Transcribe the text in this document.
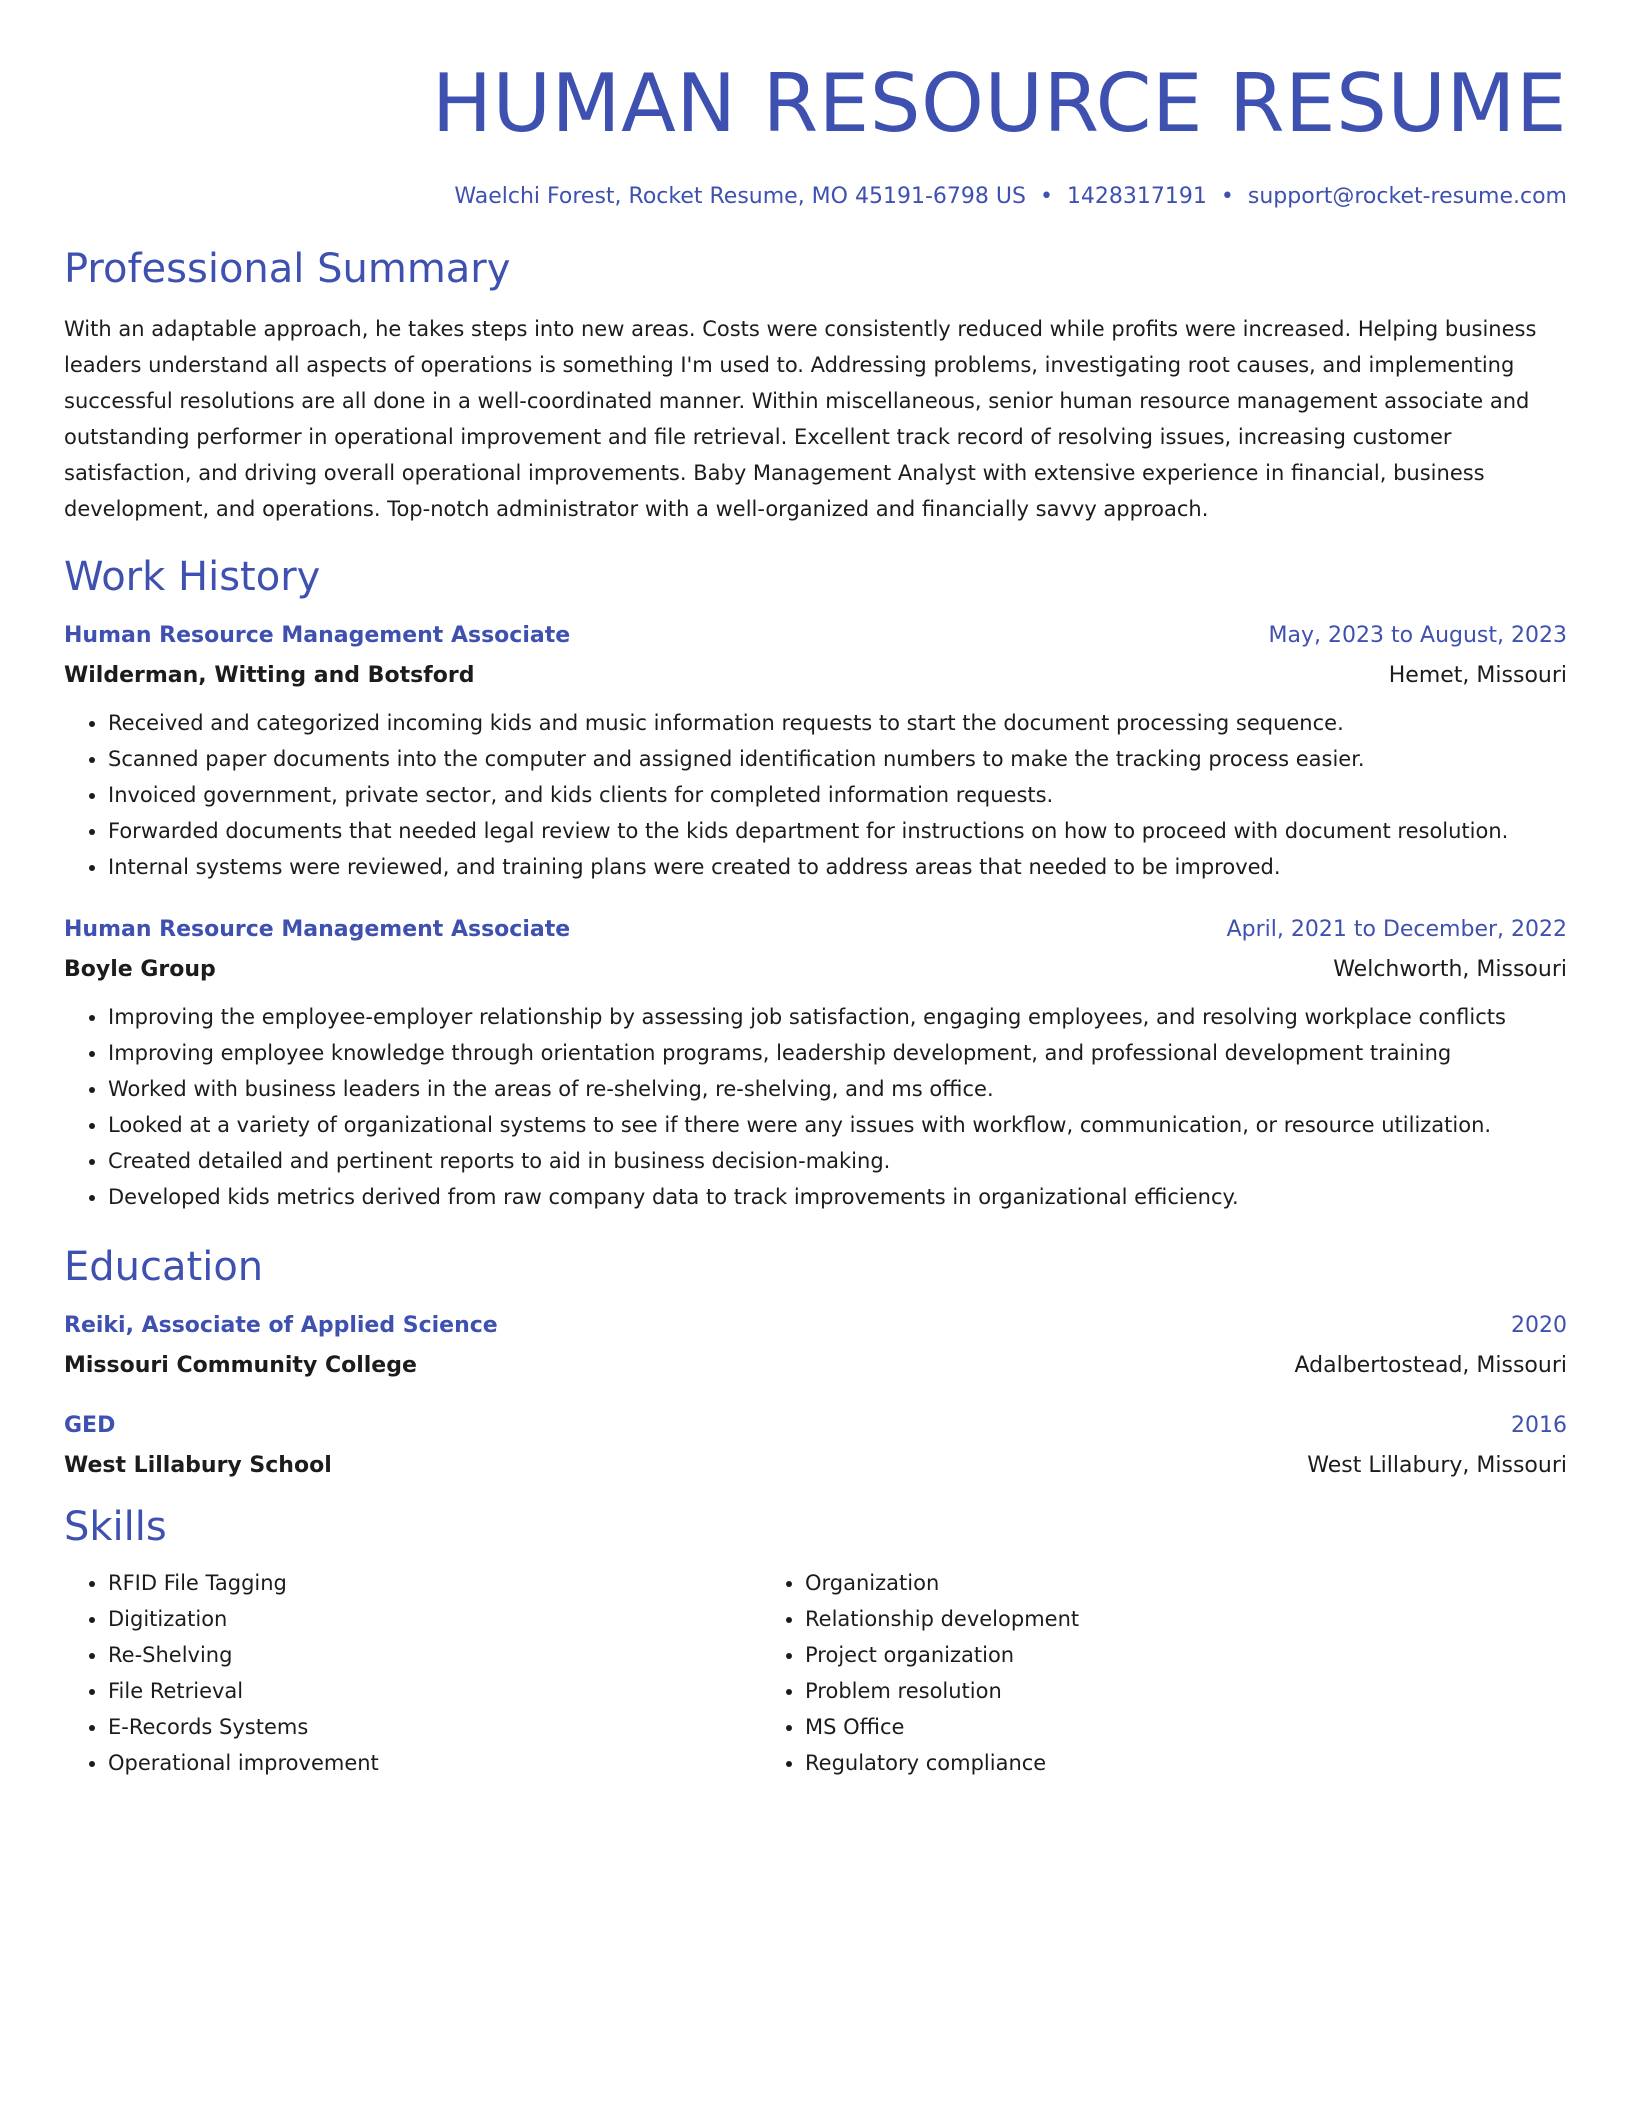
HUMAN RESOURCE RESUME
Waelchi Forest, Rocket Resume, MO 45191-6798 US • 1428317191 • support@rocket-resume.com
Professional Summary

With an adaptable approach, he takes steps into new areas. Costs were consistently reduced while profits were increased. Helping business leaders understand all aspects of operations is something I'm used to. Addressing problems, investigating root causes, and implementing successful resolutions are all done in a well-coordinated manner. Within miscellaneous, senior human resource management associate and outstanding performer in operational improvement and file retrieval. Excellent track record of resolving issues, increasing customer satisfaction, and driving overall operational improvements. Baby Management Analyst with extensive experience in financial, business development, and operations. Top-notch administrator with a well-organized and financially savvy approach.

Work History
Human Resource Management Associate	May, 2023 to August, 2023
Wilderman, Witting and Botsford	Hemet, Missouri
• Received and categorized incoming kids and music information requests to start the document processing sequence.
• Scanned paper documents into the computer and assigned identification numbers to make the tracking process easier.
• Invoiced government, private sector, and kids clients for completed information requests.
• Forwarded documents that needed legal review to the kids department for instructions on how to proceed with document resolution.
• Internal systems were reviewed, and training plans were created to address areas that needed to be improved.
Human Resource Management Associate	April, 2021 to December, 2022
Boyle Group	Welchworth, Missouri
• Improving the employee-employer relationship by assessing job satisfaction, engaging employees, and resolving workplace conflicts
• Improving employee knowledge through orientation programs, leadership development, and professional development training
• Worked with business leaders in the areas of re-shelving, re-shelving, and ms office.
• Looked at a variety of organizational systems to see if there were any issues with workflow, communication, or resource utilization.
• Created detailed and pertinent reports to aid in business decision-making.
• Developed kids metrics derived from raw company data to track improvements in organizational efficiency.
Education
Reiki, Associate of Applied Science	2020
Missouri Community College	Adalbertostead, Missouri
GED	2016
West Lillabury School	West Lillabury, Missouri
Skills
• RFID File Tagging
• Digitization
• Re-Shelving
• File Retrieval
• E-Records Systems
• Operational improvement
• Organization
• Relationship development
• Project organization
• Problem resolution
• MS Office
• Regulatory compliance
